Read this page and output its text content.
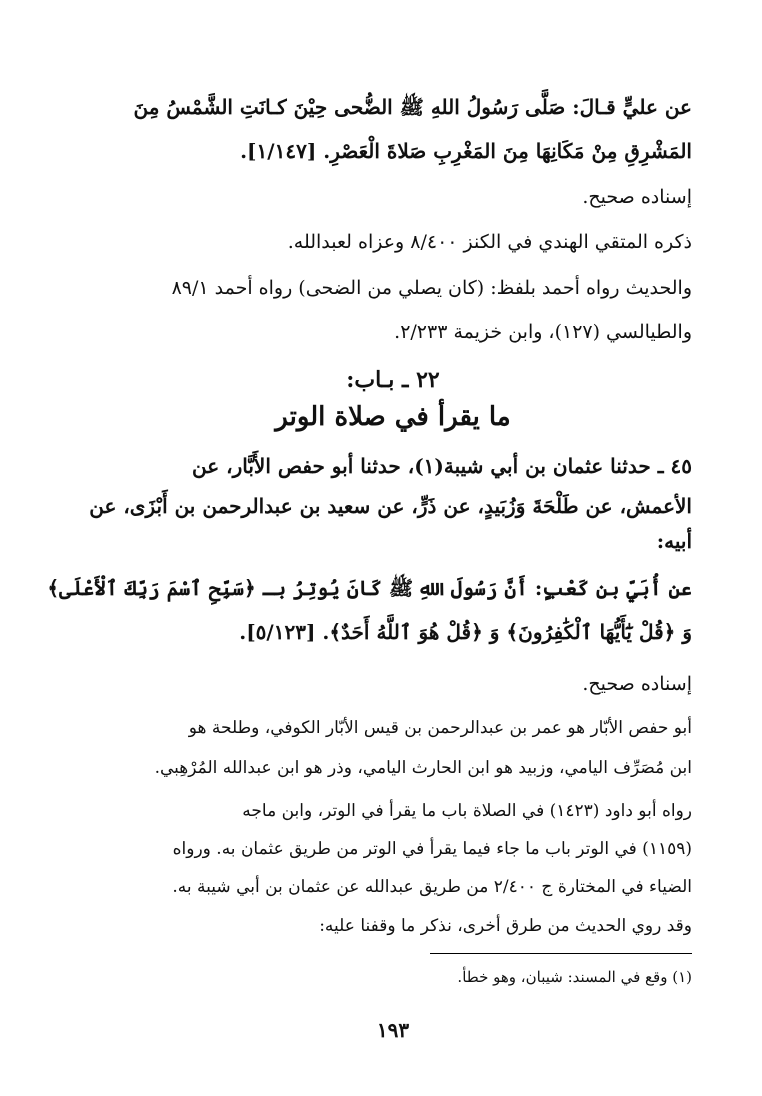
عن عليٍّ قـالَ: صَلَّى رَسُولُ اللهِ ﷺ الضُّحى حِيْنَ كـانَتِ الشَّمْسُ مِنَ
المَشْرِقِ مِنْ مَكَانِهَا مِنَ المَغْرِبِ صَلاةَ الْعَصْرِ. [١/١٤٧].
إسناده صحيح.
ذكره المتقي الهندي في الكنز ٨/٤٠٠ وعزاه لعبدالله.
والحديث رواه أحمد بلفظ: (كان يصلي من الضحى) رواه أحمد ٨٩/١
والطيالسي (١٢٧)، وابن خزيمة ٢/٢٣٣.
٢٢ ـ بـاب:
ما يقرأ في صلاة الوتر
٤٥ ـ حدثنا عثمان بن أبي شيبة(١)، حدثنا أبو حفص الأَبَّار، عن
الأعمش، عن طَلْحَةَ وَزُبَيدٍ، عن ذَرٍّ، عن سعيد بن عبدالرحمن بن أَبْزَى، عن
أبيه:
عن أُبَيِّ بن كَعْبٍ: أَنَّ رَسُولَ اللهِ ﷺ كَانَ يُوتِرُ بـ ﴿سَبِّحِ ٱسْمَ رَبِّكَ ٱلْأَعْلَى﴾
وَ ﴿قُلْ يَٰٓأَيُّهَا ٱلْكَٰفِرُونَ﴾ وَ ﴿قُلْ هُوَ ٱللَّهُ أَحَدٌ﴾. [٥/١٢٣].
إسناده صحيح.
أبو حفص الأبّار هو عمر بن عبدالرحمن بن قيس الأبّار الكوفي، وطلحة هو
ابن مُصَرِّف اليامي، وزبيد هو ابن الحارث اليامي، وذر هو ابن عبدالله المُرْهِبي.
رواه أبو داود (١٤٢٣) في الصلاة باب ما يقرأ في الوتر، وابن ماجه
(١١٥٩) في الوتر باب ما جاء فيما يقرأ في الوتر من طريق عثمان به. ورواه
الضياء في المختارة ج ٢/٤٠٠ من طريق عبدالله عن عثمان بن أبي شيبة به.
وقد روي الحديث من طرق أخرى، نذكر ما وقفنا عليه:
(١) وقع في المسند: شيبان، وهو خطأ.
١٩٣
